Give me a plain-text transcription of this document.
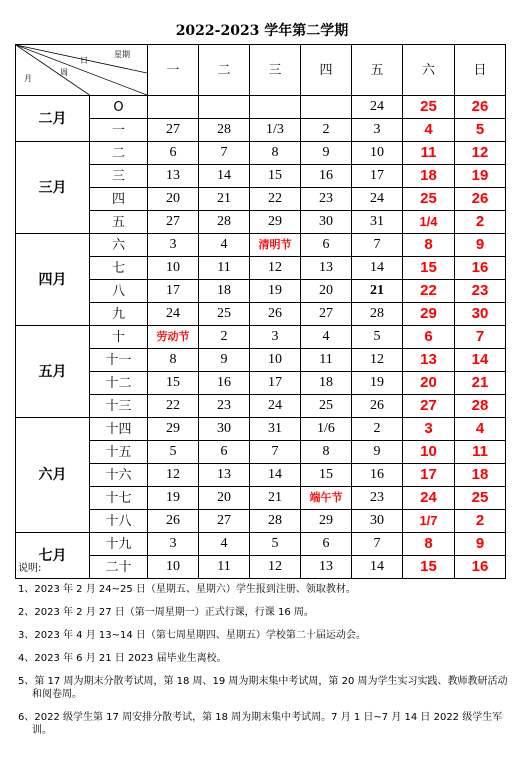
2022-2023 学年第二学期
星期
日
周
月		一	二	三	四	五	六	日
二月	O					24	25	26
	一	27	28	1/3	2	3	4	5
三月	二	6	7	8	9	10	11	12
	三	13	14	15	16	17	18	19
	四	20	21	22	23	24	25	26
	五	27	28	29	30	31	1/4	2
四月	六	3	4	清明节	6	7	8	9
	七	10	11	12	13	14	15	16
	八	17	18	19	20	21	22	23
	九	24	25	26	27	28	29	30
五月	十	劳动节	2	3	4	5	6	7
	十一	8	9	10	11	12	13	14
	十二	15	16	17	18	19	20	21
	十三	22	23	24	25	26	27	28
六月	十四	29	30	31	1/6	2	3	4
	十五	5	6	7	8	9	10	11
	十六	12	13	14	15	16	17	18
	十七	19	20	21	端午节	23	24	25
	十八	26	27	28	29	30	1/7	2
七月	十九	3	4	5	6	7	8	9
	二十	10	11	12	13	14	15	16

说明:

1、2023 年 2 月 24~25 日（星期五、星期六）学生报到注册、领取教材。

2、2023 年 2 月 27 日（第一周星期一）正式行课，行课 16 周。

3、2023 年 4 月 13~14 日（第七周星期四、星期五）学校第二十届运动会。

4、2023 年 6 月 21 日 2023 届毕业生离校。

5、第 17 周为期末分散考试周，第 18 周、19 周为期末集中考试周，第 20 周为学生实习实践、教师教研活动和阅卷周。

6、2022 级学生第 17 周安排分散考试，第 18 周为期末集中考试周。7 月 1 日~7 月 14 日 2022 级学生军训。
